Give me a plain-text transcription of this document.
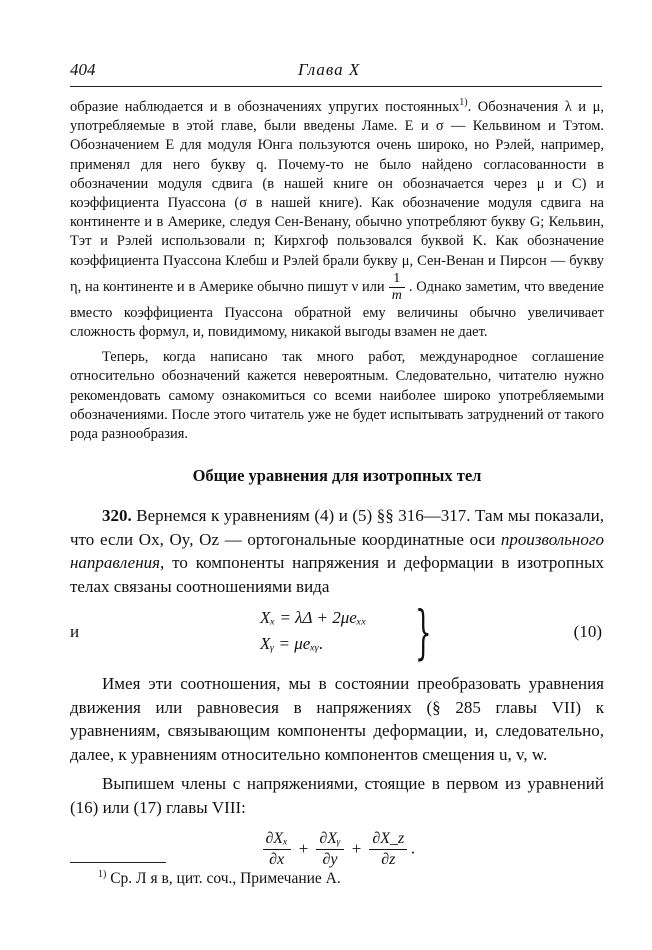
404	Глава X

образие наблюдается и в обозначениях упругих постоянных$^{1)}$. Обозначения λ и μ, употребляемые в этой главе, были введены Ламе. E и σ — Кельвином и Тэтом. Обозначением E для модуля Юнга пользуются очень широко, но Рэлей, например, применял для него букву q. Почему-то не было найдено согласованности в обозначении модуля сдвига (в нашей книге он обозначается через μ и C) и коэффициента Пуассона (σ в нашей книге). Как обозначение модуля сдвига на континенте и в Америке, следуя Сен-Венану, обычно употребляют букву G; Кельвин, Тэт и Рэлей использовали n; Кирхгоф пользовался буквой K. Как обозначение коэффициента Пуассона Клебш и Рэлей брали букву μ, Сен-Венан и Пирсон — букву η, на континенте и в Америке обычно пишут ν или $\frac{1}{m}$ . Однако заметим, что введение вместо коэффициента Пуассона обратной ему величины обычно увеличивает сложность формул, и, повидимому, никакой выгоды взамен не дает.

Теперь, когда написано так много работ, международное соглашение относительно обозначений кажется невероятным. Следовательно, читателю нужно рекомендовать самому ознакомиться со всеми наиболее широко употребляемыми обозначениями. После этого читатель уже не будет испытывать затруднений от такого рода разнообразия.

Общие уравнения для изотропных тел

320. Вернемся к уравнениям (4) и (5) §§ 316—317. Там мы показали, что если Ox, Oy, Oz — ортогональные координатные оси произвольного направления, то компоненты напряжения и деформации в изотропных телах связаны соотношениями вида

и
Xₓ = λΔ + 2μeₓₓ
Xᵧ = μeₓᵧ. }	(10)

Имея эти соотношения, мы в состоянии преобразовать уравнения движения или равновесия в напряжениях (§ 285 главы VII) к уравнениям, связывающим компоненты деформации, и, следовательно, далее, к уравнениям относительно компонентов смещения u, v, w.

Выпишем члены с напряжениями, стоящие в первом из уравнений (16) или (17) главы VIII:

$\frac{\text{∂Xₓ}}{\partial x} + \frac{\text{∂Xᵧ}}{\partial y} + \frac{\partial X\_z}{\partial z}$ .
$^{1)}$ Ср. Л я в, цит. соч., Примечание А.
